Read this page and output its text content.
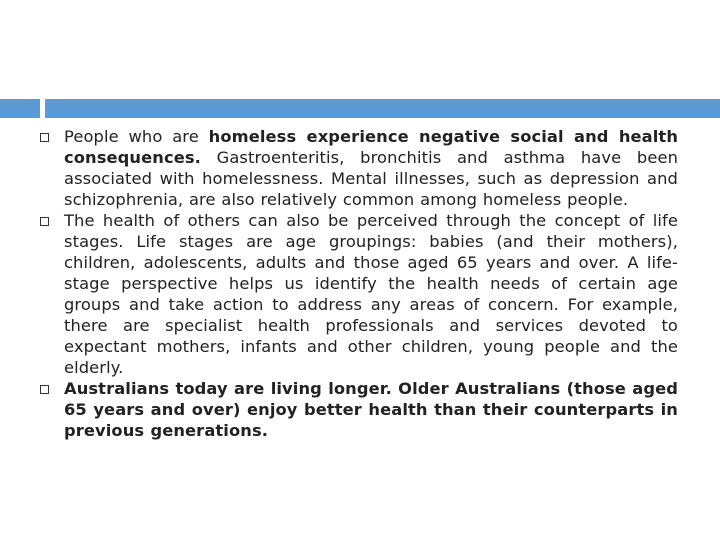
People who are homeless experience negative social and health consequences. Gastroenteritis, bronchitis and asthma have been associated with homelessness. Mental illnesses, such as depression and schizophrenia, are also relatively common among homeless people.
The health of others can also be perceived through the concept of life stages. Life stages are age groupings: babies (and their mothers), children, adolescents, adults and those aged 65 years and over. A life-stage perspective helps us identify the health needs of certain age groups and take action to address any areas of concern. For example, there are specialist health professionals and services devoted to expectant mothers, infants and other children, young people and the elderly.
Australians today are living longer. Older Australians (those aged 65 years and over) enjoy better health than their counterparts in previous generations.
